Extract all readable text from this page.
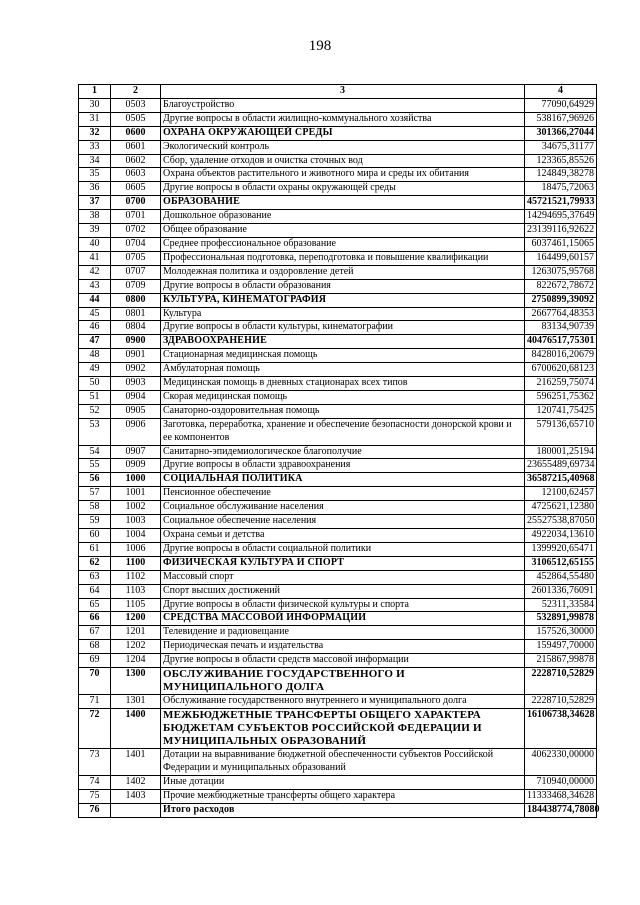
198
1	2	3	4
30	0503	Благоустройство	77090,64929
31	0505	Другие вопросы в области жилищно-коммунального хозяйства	538167,96926
32	0600	ОХРАНА ОКРУЖАЮЩЕЙ СРЕДЫ	301366,27044
33	0601	Экологический контроль	34675,31177
34	0602	Сбор, удаление отходов и очистка сточных вод	123365,85526
35	0603	Охрана объектов растительного и животного мира и среды их обитания	124849,38278
36	0605	Другие вопросы в области охраны окружающей среды	18475,72063
37	0700	ОБРАЗОВАНИЕ	45721521,79933
38	0701	Дошкольное образование	14294695,37649
39	0702	Общее образование	23139116,92622
40	0704	Среднее профессиональное образование	6037461,15065
41	0705	Профессиональная подготовка, переподготовка и повышение квалификации	164499,60157
42	0707	Молодежная политика и оздоровление детей	1263075,95768
43	0709	Другие вопросы в области образования	822672,78672
44	0800	КУЛЬТУРА, КИНЕМАТОГРАФИЯ	2750899,39092
45	0801	Культура	2667764,48353
46	0804	Другие вопросы в области культуры, кинематографии	83134,90739
47	0900	ЗДРАВООХРАНЕНИЕ	40476517,75301
48	0901	Стационарная медицинская помощь	8428016,20679
49	0902	Амбулаторная помощь	6700620,68123
50	0903	Медицинская помощь в дневных стационарах всех типов	216259,75074
51	0904	Скорая медицинская помощь	596251,75362
52	0905	Санаторно-оздоровительная помощь	120741,75425
53	0906	Заготовка, переработка, хранение и обеспечение безопасности донорской крови и ее компонентов	579136,65710
54	0907	Санитарно-эпидемиологическое благополучие	180001,25194
55	0909	Другие вопросы в области здравоохранения	23655489,69734
56	1000	СОЦИАЛЬНАЯ ПОЛИТИКА	36587215,40968
57	1001	Пенсионное обеспечение	12100,62457
58	1002	Социальное обслуживание населения	4725621,12380
59	1003	Социальное обеспечение населения	25527538,87050
60	1004	Охрана семьи и детства	4922034,13610
61	1006	Другие вопросы в области социальной политики	1399920,65471
62	1100	ФИЗИЧЕСКАЯ КУЛЬТУРА И СПОРТ	3106512,65155
63	1102	Массовый спорт	452864,55480
64	1103	Спорт высших достижений	2601336,76091
65	1105	Другие вопросы в области физической культуры и спорта	52311,33584
66	1200	СРЕДСТВА МАССОВОЙ ИНФОРМАЦИИ	532891,99878
67	1201	Телевидение и радиовещание	157526,30000
68	1202	Периодическая печать и издательства	159497,70000
69	1204	Другие вопросы в области средств массовой информации	215867,99878
70	1300	ОБСЛУЖИВАНИЕ ГОСУДАРСТВЕННОГО И МУНИЦИПАЛЬНОГО ДОЛГА	2228710,52829
71	1301	Обслуживание государственного внутреннего и муниципального долга	2228710,52829
72	1400	МЕЖБЮДЖЕТНЫЕ ТРАНСФЕРТЫ ОБЩЕГО ХАРАКТЕРА БЮДЖЕТАМ СУБЪЕКТОВ РОССИЙСКОЙ ФЕДЕРАЦИИ И МУНИЦИПАЛЬНЫХ ОБРАЗОВАНИЙ	16106738,34628
73	1401	Дотации на выравнивание бюджетной обеспеченности субъектов Российской Федерации и муниципальных образований	4062330,00000
74	1402	Иные дотации	710940,00000
75	1403	Прочие межбюджетные трансферты общего характера	11333468,34628
76		Итого расходов	184438774,78080
